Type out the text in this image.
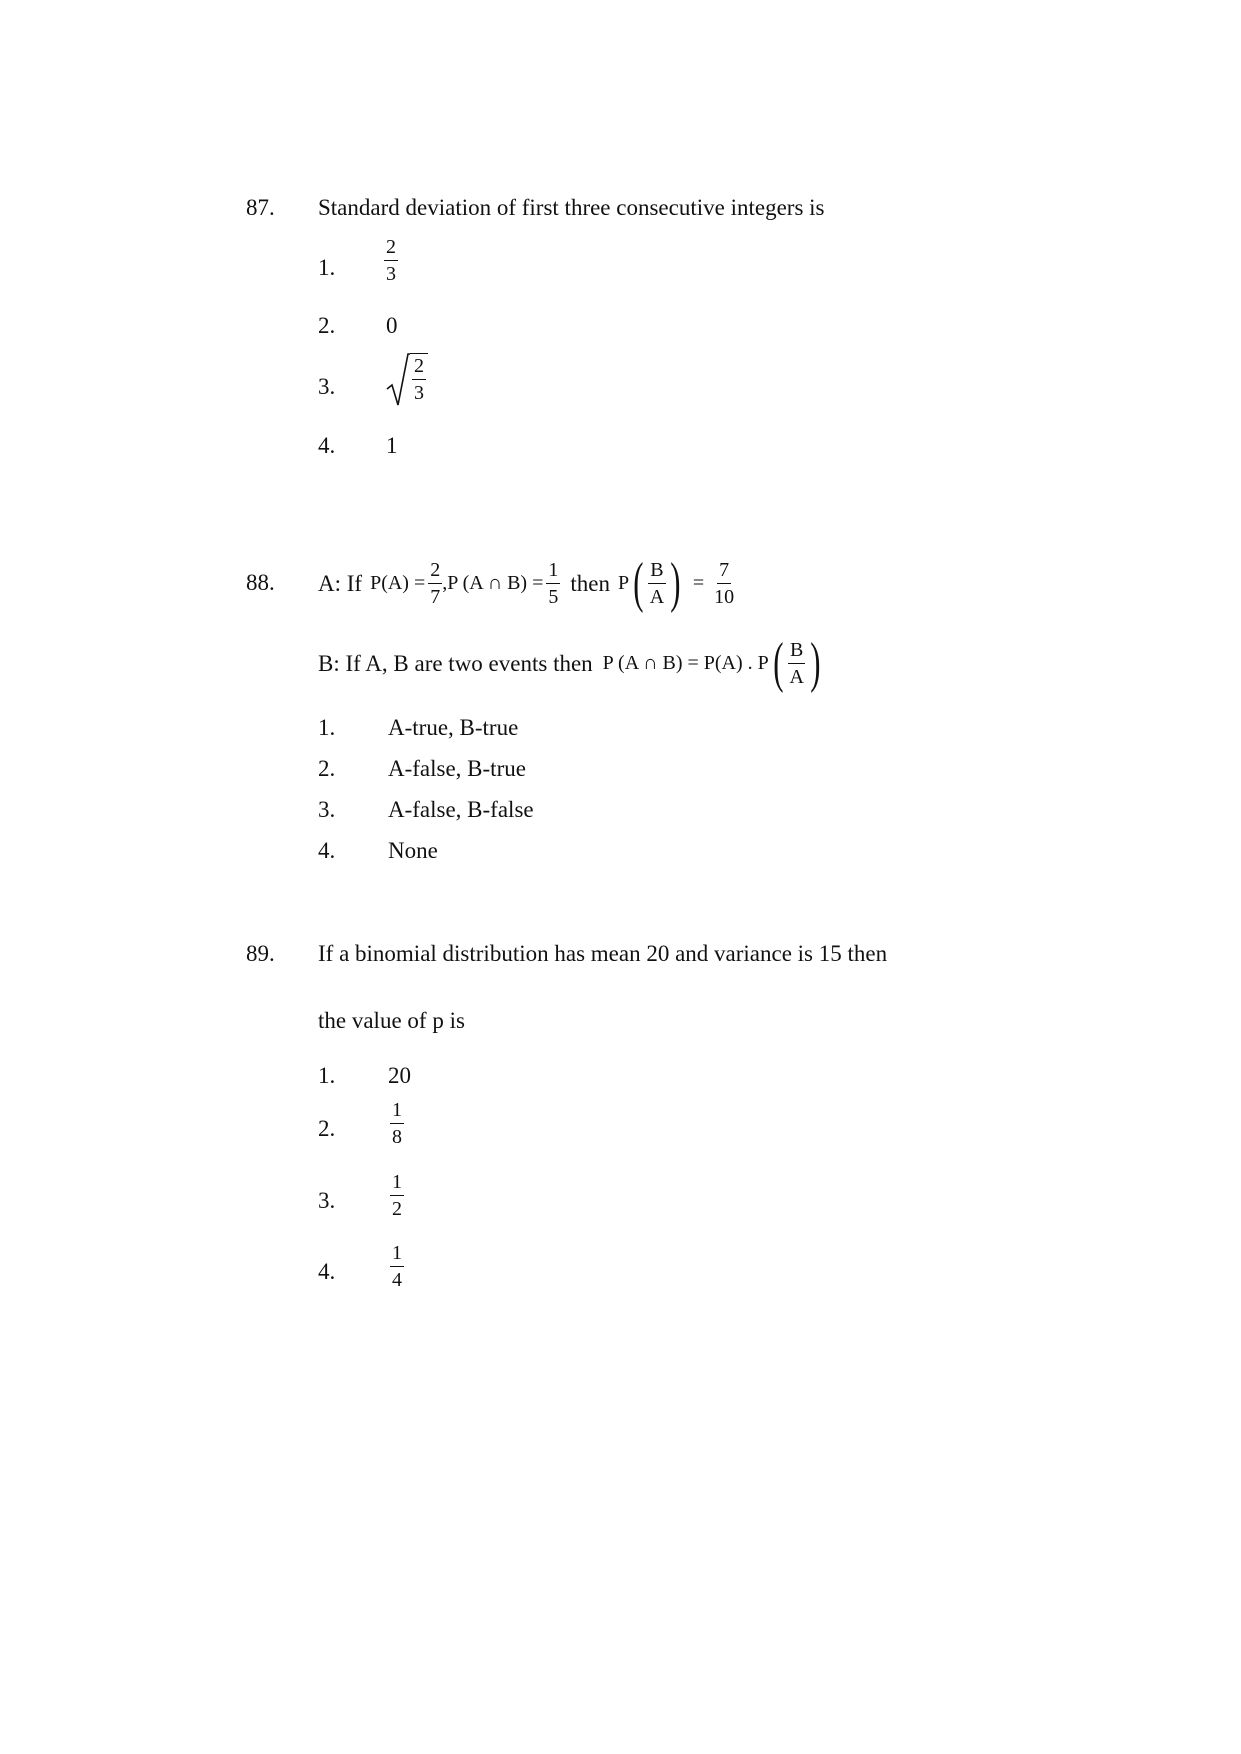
87. Standard deviation of first three consecutive integers is
1. $\frac{2}{3}$
2. 0
3.	$\frac{2}{3}$
4. 1
88. A: If $P(A) = \frac{2}{7} ,P$ (A ∩ $B) = \frac{1}{5}$ then P ( $\frac{B}{A}$ ) = $\frac{7}{10}$
B: If A, B are two events then P (A ∩ B) = P(A) . P ( $\frac{B}{A}$ )
1. A-true, B-true
2. A-false, B-true
3. A-false, B-false
4. None
89. If a binomial distribution has mean 20 and variance is 15 then
the value of p is
1. 20
2.	$\frac{1}{8}$
3.	$\frac{1}{2}$
4.	$\frac{1}{4}$
